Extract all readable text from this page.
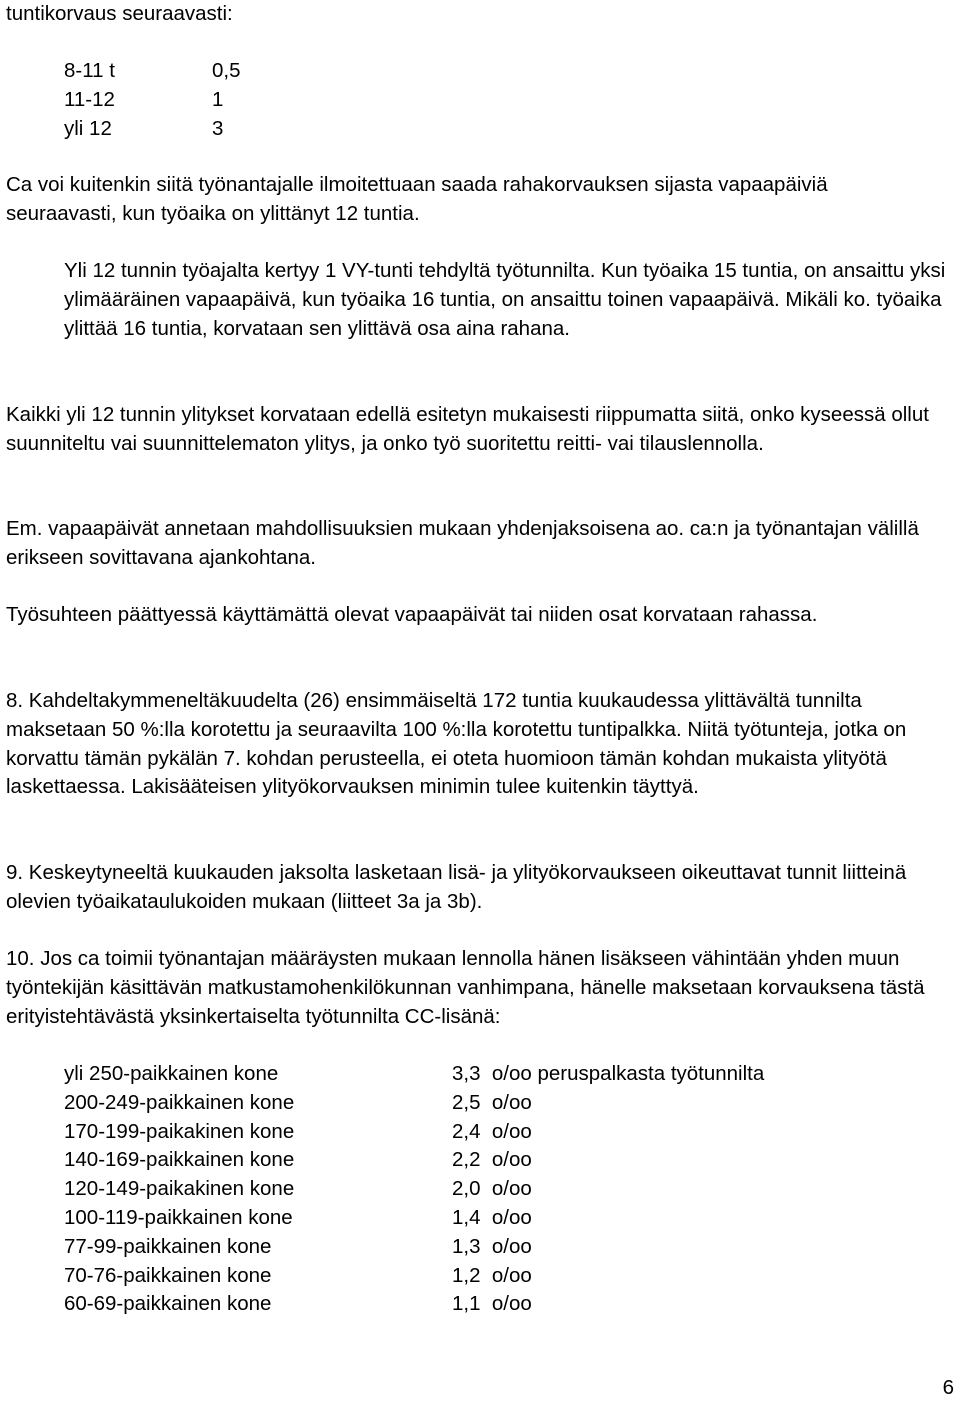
tuntikorvaus seuraavasti:

8-11 t	0,5
11-12	1
yli 12	3

Ca voi kuitenkin siitä työnantajalle ilmoitettuaan saada rahakorvauksen sijasta vapaapäiviä seuraavasti, kun työaika on ylittänyt 12 tuntia.

Yli 12 tunnin työajalta kertyy 1 VY-tunti tehdyltä työtunnilta. Kun työaika 15 tuntia, on ansaittu yksi ylimääräinen vapaapäivä, kun työaika 16 tuntia, on ansaittu toinen vapaapäivä. Mikäli ko. työaika ylittää 16 tuntia, korvataan sen ylittävä osa aina rahana.

Kaikki yli 12 tunnin ylitykset korvataan edellä esitetyn mukaisesti riippumatta siitä, onko kyseessä ollut suunniteltu vai suunnittelematon ylitys, ja onko työ suoritettu reitti- vai tilauslennolla.

Em. vapaapäivät annetaan mahdollisuuksien mukaan yhdenjaksoisena ao. ca:n ja työnantajan välillä erikseen sovittavana ajankohtana.

Työsuhteen päättyessä käyttämättä olevat vapaapäivät tai niiden osat korvataan rahassa.

8. Kahdeltakymmeneltäkuudelta (26) ensimmäiseltä 172 tuntia kuukaudessa ylittävältä tunnilta maksetaan 50 %:lla korotettu ja seuraavilta 100 %:lla korotettu tuntipalkka. Niitä työtunteja, jotka on korvattu tämän pykälän 7. kohdan perusteella, ei oteta huomioon tämän kohdan mukaista ylityötä laskettaessa. Lakisääteisen ylityökorvauksen minimin tulee kuitenkin täyttyä.

9. Keskeytyneeltä kuukauden jaksolta lasketaan lisä- ja ylityökorvaukseen oikeuttavat tunnit liitteinä olevien työaikataulukoiden mukaan (liitteet 3a ja 3b).

10. Jos ca toimii työnantajan määräysten mukaan lennolla hänen lisäkseen vähintään yhden muun työntekijän käsittävän matkustamohenkilökunnan vanhimpana, hänelle maksetaan korvauksena tästä erityistehtävästä yksinkertaiselta työtunnilta CC-lisänä:

yli 250-paikkainen kone	3,3  o/oo peruspalkasta työtunnilta
200-249-paikkainen kone	2,5  o/oo
170-199-paikakinen kone	2,4  o/oo
140-169-paikkainen kone	2,2  o/oo
120-149-paikakinen kone	2,0  o/oo
100-119-paikkainen kone	1,4  o/oo
77-99-paikkainen kone	1,3  o/oo
70-76-paikkainen kone	1,2  o/oo
60-69-paikkainen kone	1,1  o/oo
6
